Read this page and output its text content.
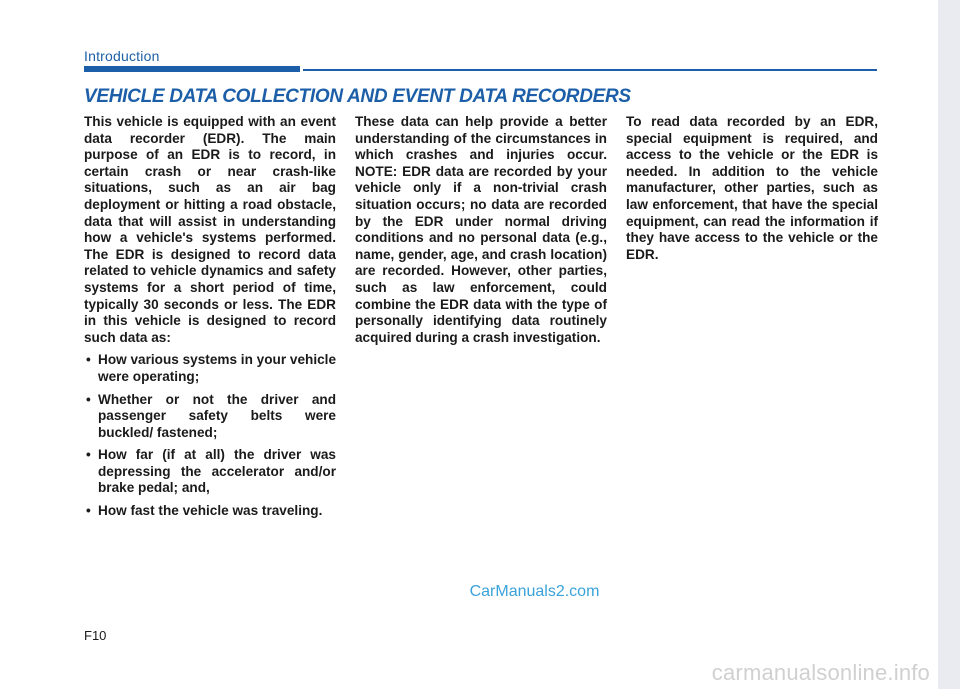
Introduction
VEHICLE DATA COLLECTION AND EVENT DATA RECORDERS

This vehicle is equipped with an event data recorder (EDR). The main purpose of an EDR is to record, in certain crash or near crash-like situations, such as an air bag deployment or hitting a road obstacle, data that will assist in understanding how a vehicle's systems performed. The EDR is designed to record data related to vehicle dynamics and safety systems for a short period of time, typically 30 seconds or less. The EDR in this vehicle is designed to record such data as:

• How various systems in your vehicle were operating;
• Whether or not the driver and passenger safety belts were buckled/ fastened;
• How far (if at all) the driver was depressing the accelerator and/or brake pedal; and,
• How fast the vehicle was traveling.

These data can help provide a better understanding of the circumstances in which crashes and injuries occur. NOTE: EDR data are recorded by your vehicle only if a non-trivial crash situation occurs; no data are recorded by the EDR under normal driving conditions and no personal data (e.g., name, gender, age, and crash location) are recorded. However, other parties, such as law enforcement, could combine the EDR data with the type of personally identifying data routinely acquired during a crash investigation.

To read data recorded by an EDR, special equipment is required, and access to the vehicle or the EDR is needed. In addition to the vehicle manufacturer, other parties, such as law enforcement, that have the special equipment, can read the information if they have access to the vehicle or the EDR.

CarManuals2.com
F10
carmanualsonline.info
